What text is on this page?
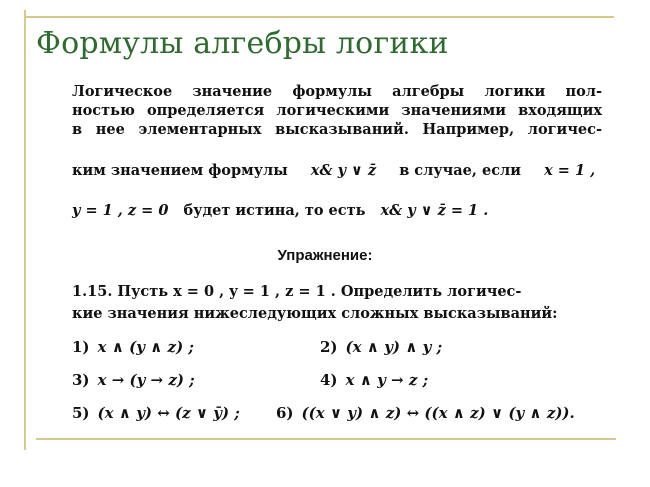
Формулы алгебры логики
Логическое значение формулы алгебры логики пол-
ностью определяется логическими значениями входящих
в нее элементарных высказываний. Например, логичес-
ким значением формулы x& y ∨ z̄ в случае, если x = 1 ,
y = 1 , z = 0 будет истина, то есть x& y ∨ z̄ = 1 .
Упражнение:
1.15. Пусть x = 0 , y = 1 , z = 1 . Определить логичес-
кие значения нижеследующих сложных высказываний:
1) x ∧ (y ∧ z) ;	2) (x ∧ y) ∧ y ;
3) x → (y → z) ;	4) x ∧ y → z ;
5) (x ∧ y) ↔ (z ∨ ȳ) ; 6) ((x ∨ y) ∧ z) ↔ ((x ∧ z) ∨ (y ∧ z)).
